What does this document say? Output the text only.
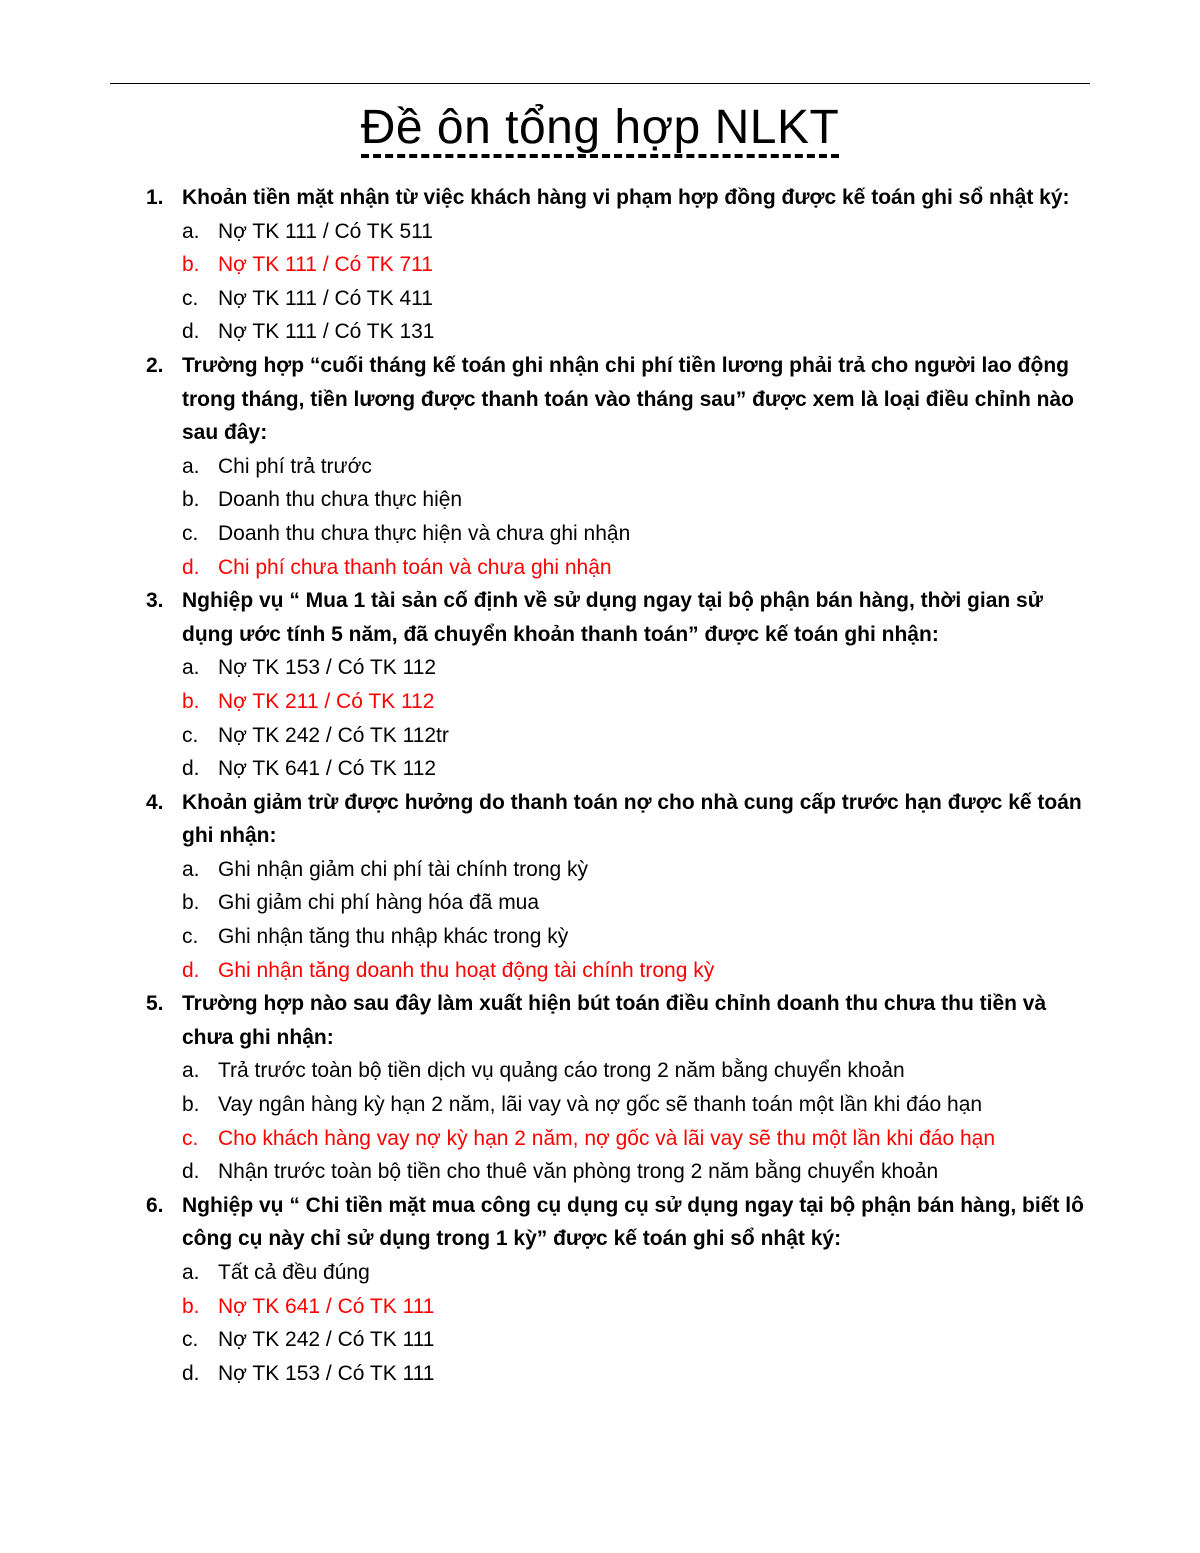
Đề ôn tổng hợp NLKT
1. Khoản tiền mặt nhận từ việc khách hàng vi phạm hợp đồng được kế toán ghi sổ nhật ký:
a. Nợ TK 111 / Có TK 511
b. Nợ TK 111 / Có TK 711
c. Nợ TK 111 / Có TK 411
d. Nợ TK 111 / Có TK 131
2. Trường hợp “cuối tháng kế toán ghi nhận chi phí tiền lương phải trả cho người lao động trong tháng, tiền lương được thanh toán vào tháng sau” được xem là loại điều chỉnh nào sau đây:
a. Chi phí trả trước
b. Doanh thu chưa thực hiện
c. Doanh thu chưa thực hiện và chưa ghi nhận
d. Chi phí chưa thanh toán và chưa ghi nhận
3. Nghiệp vụ “ Mua 1 tài sản cố định về sử dụng ngay tại bộ phận bán hàng, thời gian sử dụng ước tính 5 năm, đã chuyển khoản thanh toán” được kế toán ghi nhận:
a. Nợ TK 153 / Có TK 112
b. Nợ TK 211 / Có TK 112
c. Nợ TK 242 / Có TK 112tr
d. Nợ TK 641 / Có TK 112
4. Khoản giảm trừ được hưởng do thanh toán nợ cho nhà cung cấp trước hạn được kế toán ghi nhận:
a. Ghi nhận giảm chi phí tài chính trong kỳ
b. Ghi giảm chi phí hàng hóa đã mua
c. Ghi nhận tăng thu nhập khác trong kỳ
d. Ghi nhận tăng doanh thu hoạt động tài chính trong kỳ
5. Trường hợp nào sau đây làm xuất hiện bút toán điều chỉnh doanh thu chưa thu tiền và chưa ghi nhận:
a. Trả trước toàn bộ tiền dịch vụ quảng cáo trong 2 năm bằng chuyển khoản
b. Vay ngân hàng kỳ hạn 2 năm, lãi vay và nợ gốc sẽ thanh toán một lần khi đáo hạn
c. Cho khách hàng vay nợ kỳ hạn 2 năm, nợ gốc và lãi vay sẽ thu một lần khi đáo hạn
d. Nhận trước toàn bộ tiền cho thuê văn phòng trong 2 năm bằng chuyển khoản
6. Nghiệp vụ “ Chi tiền mặt mua công cụ dụng cụ sử dụng ngay tại bộ phận bán hàng, biết lô công cụ này chỉ sử dụng trong 1 kỳ” được kế toán ghi sổ nhật ký:
a. Tất cả đều đúng
b. Nợ TK 641 / Có TK 111
c. Nợ TK 242 / Có TK 111
d. Nợ TK 153 / Có TK 111
